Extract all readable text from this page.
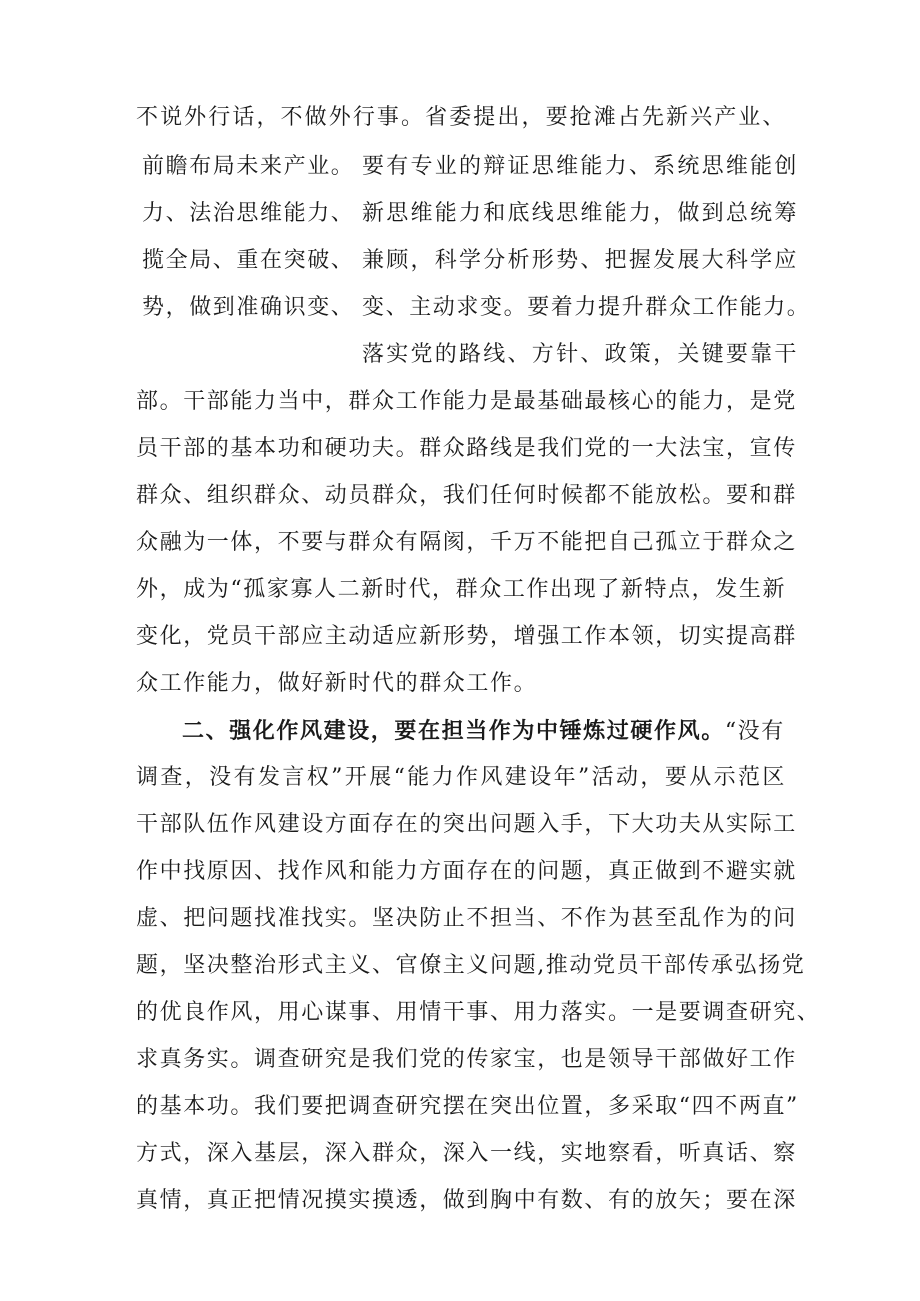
不说外行话，不做外行事。省委提出，要抢滩占先新兴产业、
前瞻布局未来产业。 要有专业的辩证思维能力、系统思维能创
力、法治思维能力、 新思维能力和底线思维能力，做到总统筹
揽全局、重在突破、 兼顾，科学分析形势、把握发展大科学应
势，做到准确识变、 变、主动求变。要着力提升群众工作能力。
落实党的路线、方针、政策，关键要靠干
部。干部能力当中，群众工作能力是最基础最核心的能力，是党
员干部的基本功和硬功夫。群众路线是我们党的一大法宝，宣传
群众、组织群众、动员群众，我们任何时候都不能放松。要和群
众融为一体，不要与群众有隔阂，千万不能把自己孤立于群众之
外，成为“孤家寡人二新时代，群众工作出现了新特点，发生新
变化，党员干部应主动适应新形势，增强工作本领，切实提高群
众工作能力，做好新时代的群众工作。
二、强化作风建设，要在担当作为中锤炼过硬作风。“没有
调查，没有发言权”开展“能力作风建设年”活动，要从示范区
干部队伍作风建设方面存在的突出问题入手，下大功夫从实际工
作中找原因、找作风和能力方面存在的问题，真正做到不避实就
虚、把问题找准找实。坚决防止不担当、不作为甚至乱作为的问
题，坚决整治形式主义、官僚主义问题,推动党员干部传承弘扬党
的优良作风，用心谋事、用情干事、用力落实。一是要调查研究、
求真务实。调查研究是我们党的传家宝，也是领导干部做好工作
的基本功。我们要把调查研究摆在突出位置，多采取“四不两直”
方式，深入基层，深入群众，深入一线，实地察看，听真话、察
真情，真正把情况摸实摸透，做到胸中有数、有的放矢；要在深
